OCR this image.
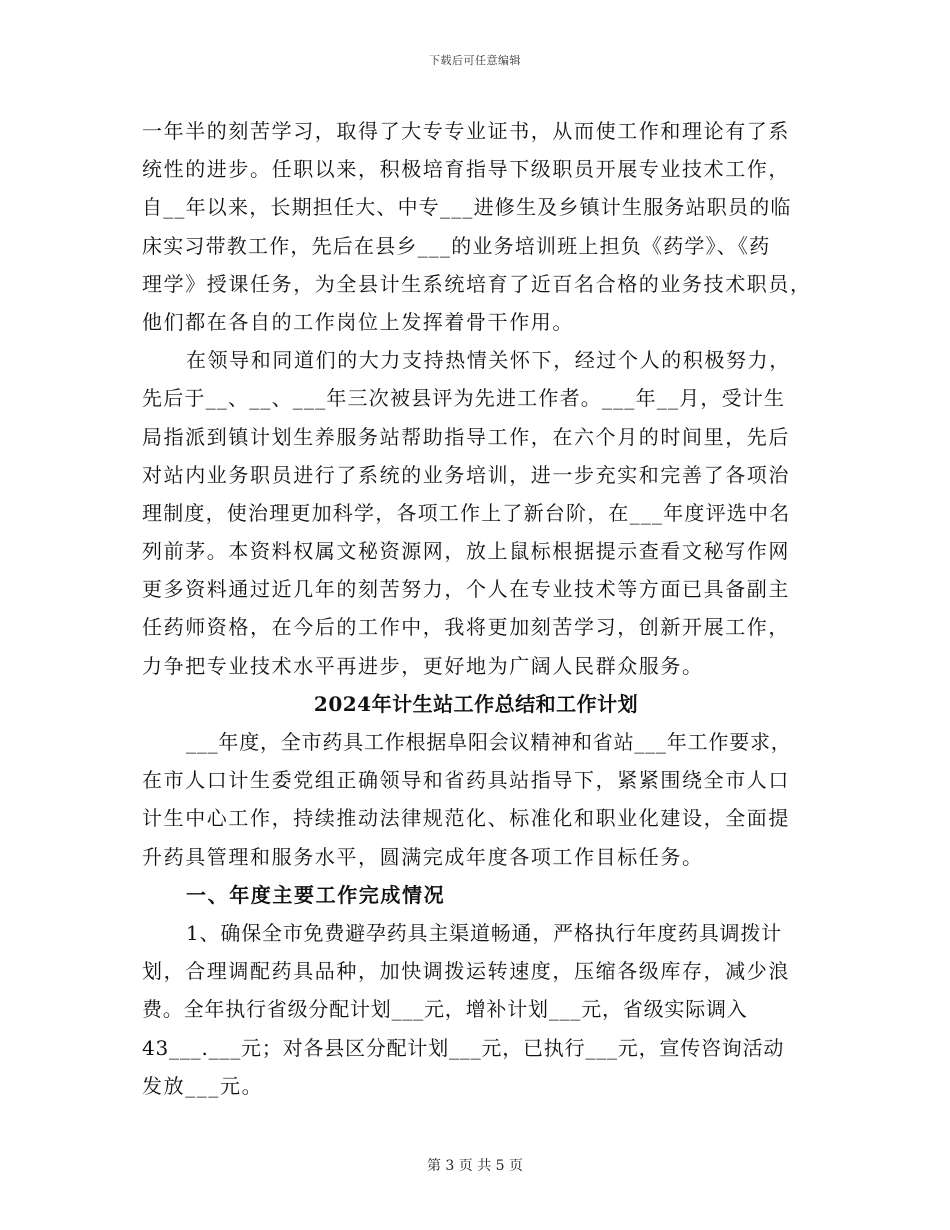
下载后可任意编辑
一年半的刻苦学习，取得了大专专业证书，从而使工作和理论有了系
统性的进步。任职以来，积极培育指导下级职员开展专业技术工作，
自__年以来，长期担任大、中专___进修生及乡镇计生服务站职员的临
床实习带教工作，先后在县乡___的业务培训班上担负《药学》、《药
理学》授课任务，为全县计生系统培育了近百名合格的业务技术职员，
他们都在各自的工作岗位上发挥着骨干作用。
在领导和同道们的大力支持热情关怀下，经过个人的积极努力，
先后于__、__、___年三次被县评为先进工作者。___年__月，受计生
局指派到镇计划生养服务站帮助指导工作，在六个月的时间里，先后
对站内业务职员进行了系统的业务培训，进一步充实和完善了各项治
理制度，使治理更加科学，各项工作上了新台阶，在___年度评选中名
列前茅。本资料权属文秘资源网，放上鼠标根据提示查看文秘写作网
更多资料通过近几年的刻苦努力，个人在专业技术等方面已具备副主
任药师资格，在今后的工作中，我将更加刻苦学习，创新开展工作，
力争把专业技术水平再进步，更好地为广阔人民群众服务。
2024年计生站工作总结和工作计划
___年度，全市药具工作根据阜阳会议精神和省站___年工作要求，
在市人口计生委党组正确领导和省药具站指导下，紧紧围绕全市人口
计生中心工作，持续推动法律规范化、标准化和职业化建设，全面提
升药具管理和服务水平，圆满完成年度各项工作目标任务。
一、年度主要工作完成情况
1、确保全市免费避孕药具主渠道畅通，严格执行年度药具调拨计
划，合理调配药具品种，加快调拨运转速度，压缩各级库存，减少浪
费。全年执行省级分配计划___元，增补计划___元，省级实际调入
43___.___元；对各县区分配计划___元，已执行___元，宣传咨询活动
发放___元。
第 3 页 共 5 页
